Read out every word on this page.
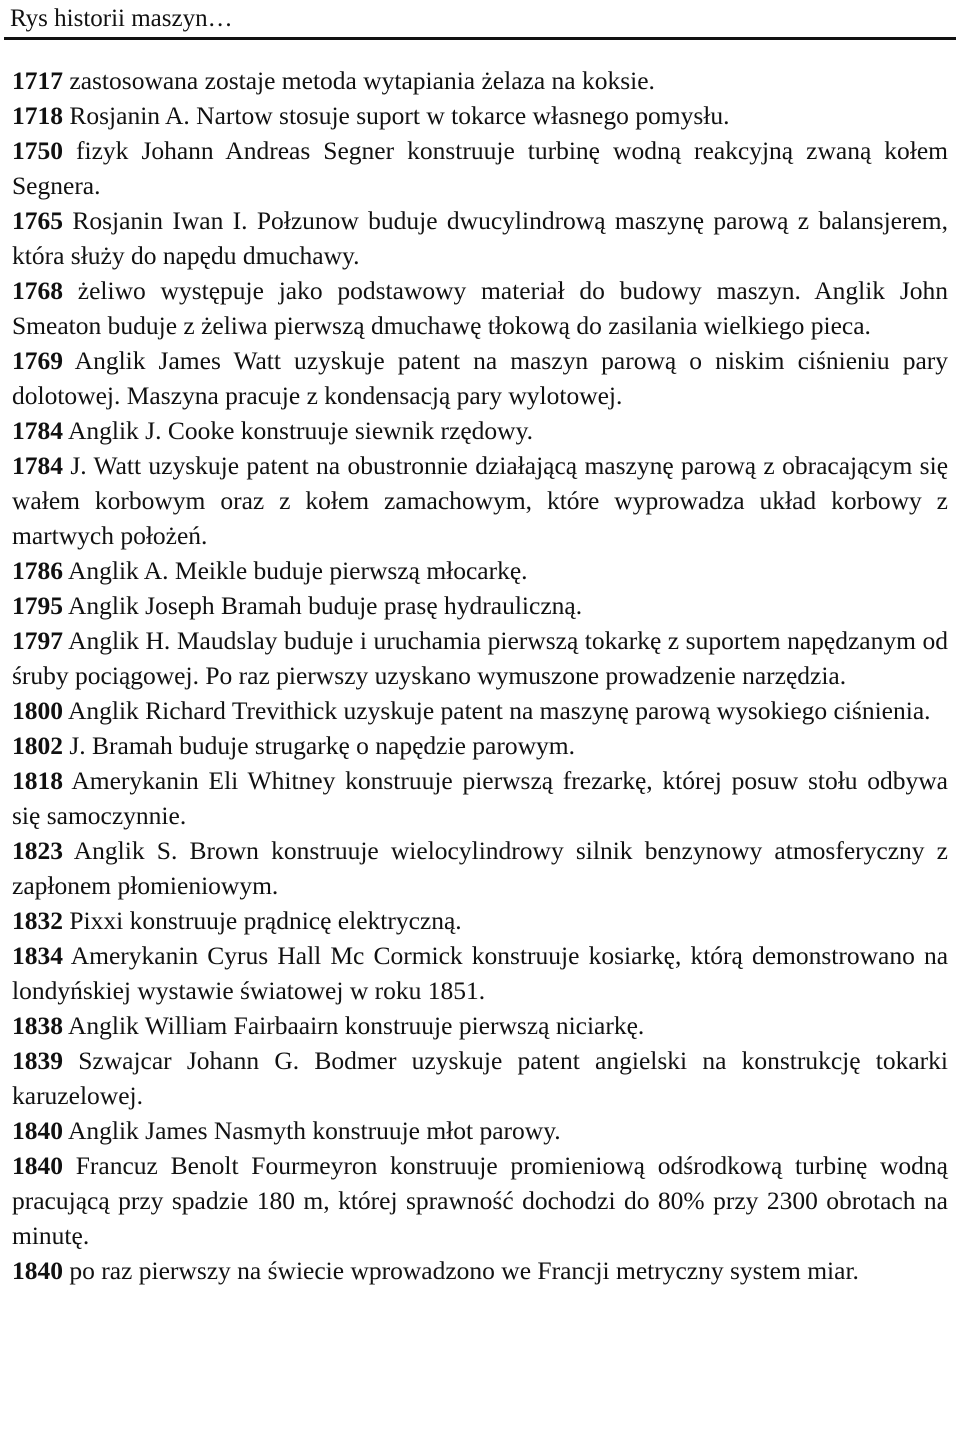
Rys historii maszyn…

1717 zastosowana zostaje metoda wytapiania żelaza na koksie.

1718 Rosjanin A. Nartow stosuje suport w tokarce własnego pomysłu.

1750 fizyk Johann Andreas Segner konstruuje turbinę wodną reakcyjną zwaną kołem Segnera.

1765 Rosjanin Iwan I. Połzunow buduje dwucylindrową maszynę parową z balansjerem, która służy do napędu dmuchawy.

1768 żeliwo występuje jako podstawowy materiał do budowy maszyn. Anglik John Smeaton buduje z żeliwa pierwszą dmuchawę tłokową do zasilania wielkiego pieca.

1769 Anglik James Watt uzyskuje patent na maszyn parową o niskim ciśnieniu pary dolotowej. Maszyna pracuje z kondensacją pary wylotowej.

1784 Anglik J. Cooke konstruuje siewnik rzędowy.

1784 J. Watt uzyskuje patent na obustronnie działającą maszynę parową z obracającym się wałem korbowym oraz z kołem zamachowym, które wyprowadza układ korbowy z martwych położeń.

1786 Anglik A. Meikle buduje pierwszą młocarkę.

1795 Anglik Joseph Bramah buduje prasę hydrauliczną.

1797 Anglik H. Maudslay buduje i uruchamia pierwszą tokarkę z suportem napędzanym od śruby pociągowej. Po raz pierwszy uzyskano wymuszone prowadzenie narzędzia.

1800 Anglik Richard Trevithick uzyskuje patent na maszynę parową wysokiego ciśnienia.

1802 J. Bramah buduje strugarkę o napędzie parowym.

1818 Amerykanin Eli Whitney konstruuje pierwszą frezarkę, której posuw stołu odbywa się samoczynnie.

1823 Anglik S. Brown konstruuje wielocylindrowy silnik benzynowy atmosferyczny z zapłonem płomieniowym.

1832 Pixxi konstruuje prądnicę elektryczną.

1834 Amerykanin Cyrus Hall Mc Cormick konstruuje kosiarkę, którą demonstrowano na londyńskiej wystawie światowej w roku 1851.

1838 Anglik William Fairbaairn konstruuje pierwszą niciarkę.

1839 Szwajcar Johann G. Bodmer uzyskuje patent angielski na konstrukcję tokarki karuzelowej.

1840 Anglik James Nasmyth konstruuje młot parowy.

1840 Francuz Benolt Fourmeyron konstruuje promieniową odśrodkową turbinę wodną pracującą przy spadzie 180 m, której sprawność dochodzi do 80% przy 2300 obrotach na minutę.

1840 po raz pierwszy na świecie wprowadzono we Francji metryczny system miar.
